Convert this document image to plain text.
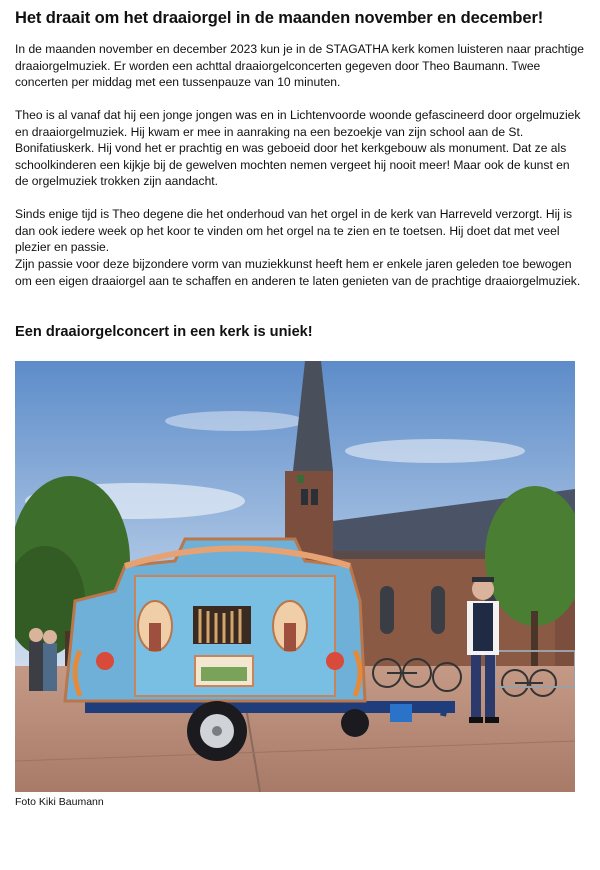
Het draait om het draaiorgel in de maanden november en december!

In de maanden november en december 2023 kun je in de STAGATHA kerk komen luisteren naar prachtige draaiorgelmuziek. Er worden een achttal draaiorgelconcerten gegeven door Theo Baumann. Twee concerten per middag met een tussenpauze van 10 minuten.

Theo is al vanaf dat hij een jonge jongen was en in Lichtenvoorde woonde gefascineerd door orgelmuziek en draaiorgelmuziek. Hij kwam er mee in aanraking na een bezoekje van zijn school aan de St. Bonifatiuskerk. Hij vond het er prachtig en was geboeid door het kerkgebouw als monument. Dat ze als schoolkinderen een kijkje bij de gewelven mochten nemen vergeet hij nooit meer! Maar ook de kunst en de orgelmuziek trokken zijn aandacht.

Sinds enige tijd is Theo degene die het onderhoud van het orgel in de kerk van Harreveld verzorgt. Hij is dan ook iedere week op het koor te vinden om het orgel na te zien en te toetsen. Hij doet dat met veel plezier en passie.

Zijn passie voor deze bijzondere vorm van muziekkunst heeft hem er enkele jaren geleden toe bewogen om een eigen draaiorgel aan te schaffen en anderen te laten genieten van de prachtige draaiorgelmuziek.

Een draaiorgelconcert in een kerk is uniek!

Foto Kiki Baumann
